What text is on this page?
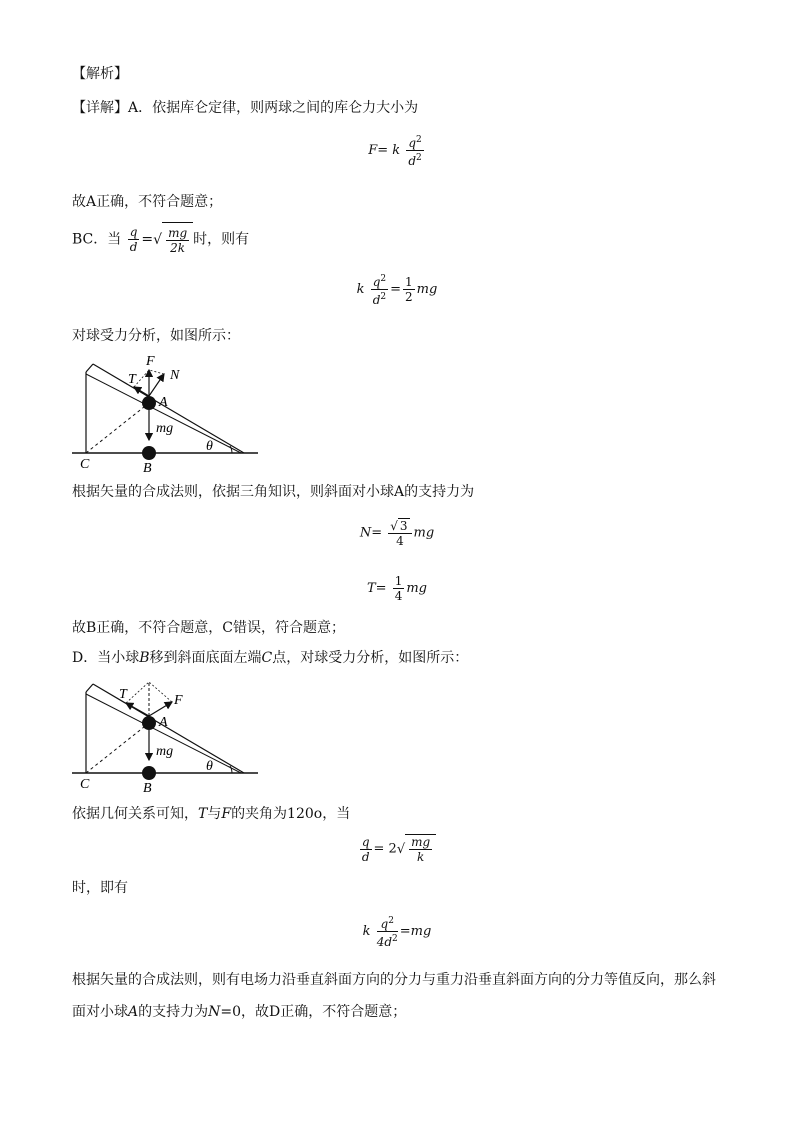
【解析】
【详解】A．依据库仑定律，则两球之间的库仑力大小为
F= k $\frac{q^2}{d^2}$
故A正确，不符合题意；
BC．当 $\frac{q}{d}$ =√ $\frac{mg}{2k}$ 时，则有
k $\frac{q^2}{d^2} = \frac{1}{2}$ mg
对球受力分析，如图所示：
F
T N
A
mg
C	B
θ
根据矢量的合成法则，依据三角知识，则斜面对小球A的支持力为
$N= \frac{√ 3}{4}$ mg
$T= \frac{1}{4}$ mg
故B正确，不符合题意，C错误，符合题意；
D．当小球B移到斜面底面左端C点，对球受力分析，如图所示：
T	F
A
mg
C	B
θ
依据几何关系可知，T与F的夹角为120o，当
$\frac{q}{d} = 2√ \frac{mg}{k}$
时，即有
k $\frac{q^2}{4d^2} =mg$
根据矢量的合成法则，则有电场力沿垂直斜面方向的分力与重力沿垂直斜面方向的分力等值反向，那么斜
面对小球A的支持力为N=0，故D正确，不符合题意；
